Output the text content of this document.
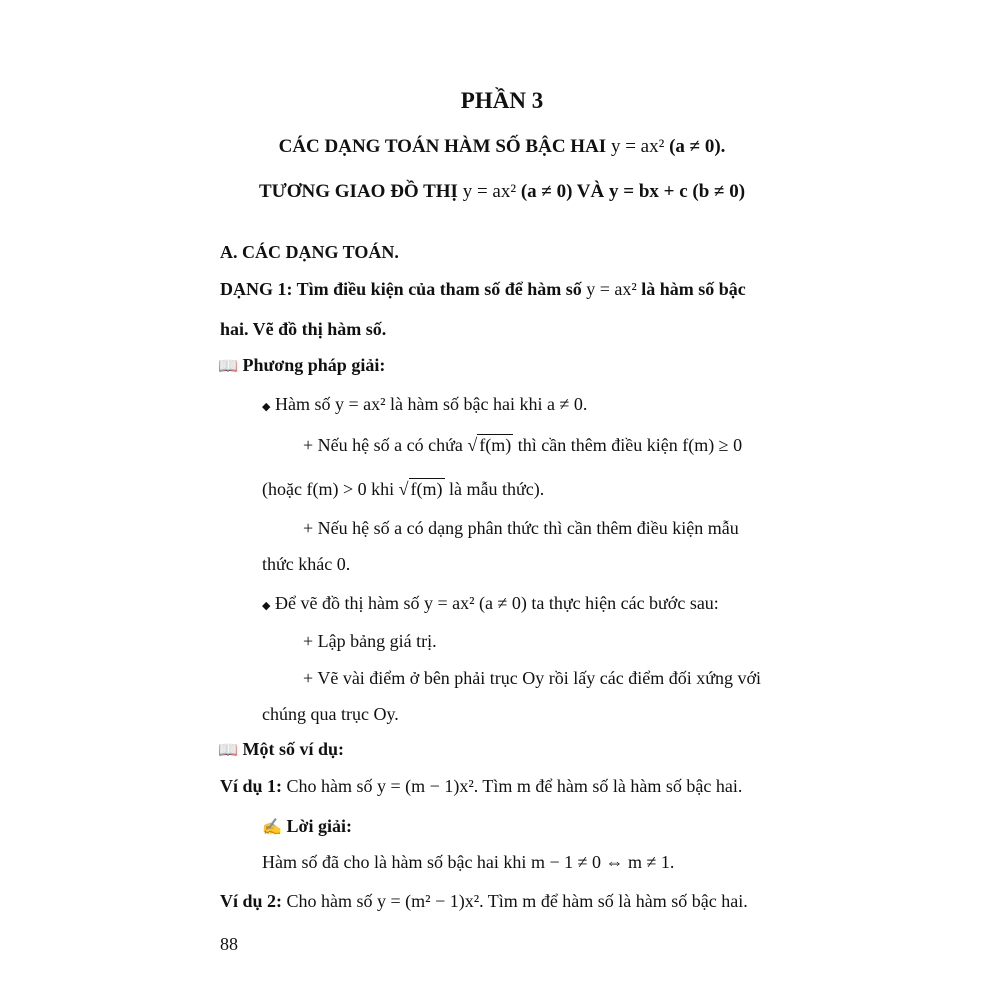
PHẦN 3
CÁC DẠNG TOÁN HÀM SỐ BẬC HAI y = ax² (a ≠ 0).
TƯƠNG GIAO ĐỒ THỊ y = ax² (a ≠ 0) VÀ y = bx + c (b ≠ 0)
A. CÁC DẠNG TOÁN.
DẠNG 1: Tìm điều kiện của tham số để hàm số y = ax² là hàm số bậc
hai. Vẽ đồ thị hàm số.
📖 Phương pháp giải:
◆ Hàm số y = ax² là hàm số bậc hai khi a ≠ 0.
+ Nếu hệ số a có chứa √ f(m) thì cần thêm điều kiện f(m) ≥ 0
(hoặc f(m) > 0 khi √ f(m) là mẫu thức).
+ Nếu hệ số a có dạng phân thức thì cần thêm điều kiện mẫu
thức khác 0.
◆ Để vẽ đồ thị hàm số y = ax² (a ≠ 0) ta thực hiện các bước sau:
+ Lập bảng giá trị.
+ Vẽ vài điểm ở bên phải trục Oy rồi lấy các điểm đối xứng với
chúng qua trục Oy.
📖 Một số ví dụ:
Ví dụ 1: Cho hàm số y = (m − 1)x². Tìm m để hàm số là hàm số bậc hai.
✍ Lời giải:
Hàm số đã cho là hàm số bậc hai khi m − 1 ≠ 0 ⇔ m ≠ 1.
Ví dụ 2: Cho hàm số y = (m² − 1)x². Tìm m để hàm số là hàm số bậc hai.
88
